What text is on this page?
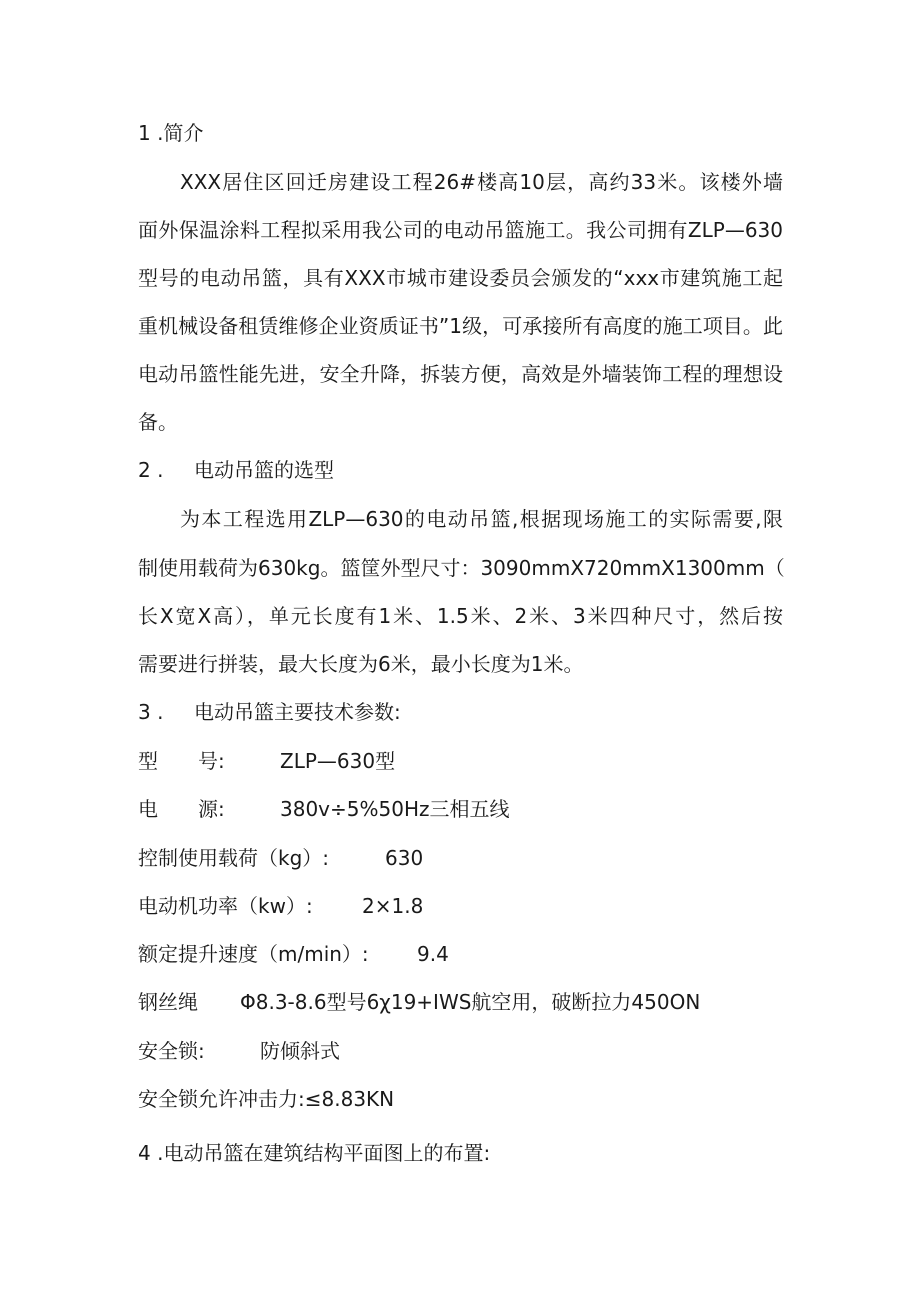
1 .简介
XXX居住区回迁房建设工程26#楼高10层，高约33米。该楼外墙
面外保温涂料工程拟采用我公司的电动吊篮施工。我公司拥有ZLP—630
型号的电动吊篮，具有XXX市城市建设委员会颁发的“xxx市建筑施工起
重机械设备租赁维修企业资质证书”1级，可承接所有高度的施工项目。此
电动吊篮性能先进，安全升降，拆装方便，高效是外墙装饰工程的理想设
备。
2 . 电动吊篮的选型
为本工程选用ZLP—630的电动吊篮,根据现场施工的实际需要,限
制使用载荷为630kg。篮筐外型尺寸：3090mmX720mmX1300mm（
长X宽X高），单元长度有1米、1.5米、2米、3米四种尺寸，然后按
需要进行拼装，最大长度为6米，最小长度为1米。
3 . 电动吊篮主要技术参数:
型　　号:	ZLP—630型
电　　源:	380v÷5%50Hz三相五线
控制使用载荷（kg）:	630
电动机功率（kw）: 2×1.8
额定提升速度（m/min）: 9.4
钢丝绳 Φ8.3-8.6型号6χ19+IWS航空用，破断拉力450ON
安全锁:	防倾斜式
安全锁允许冲击力:≤8.83KN
4 .电动吊篮在建筑结构平面图上的布置:
